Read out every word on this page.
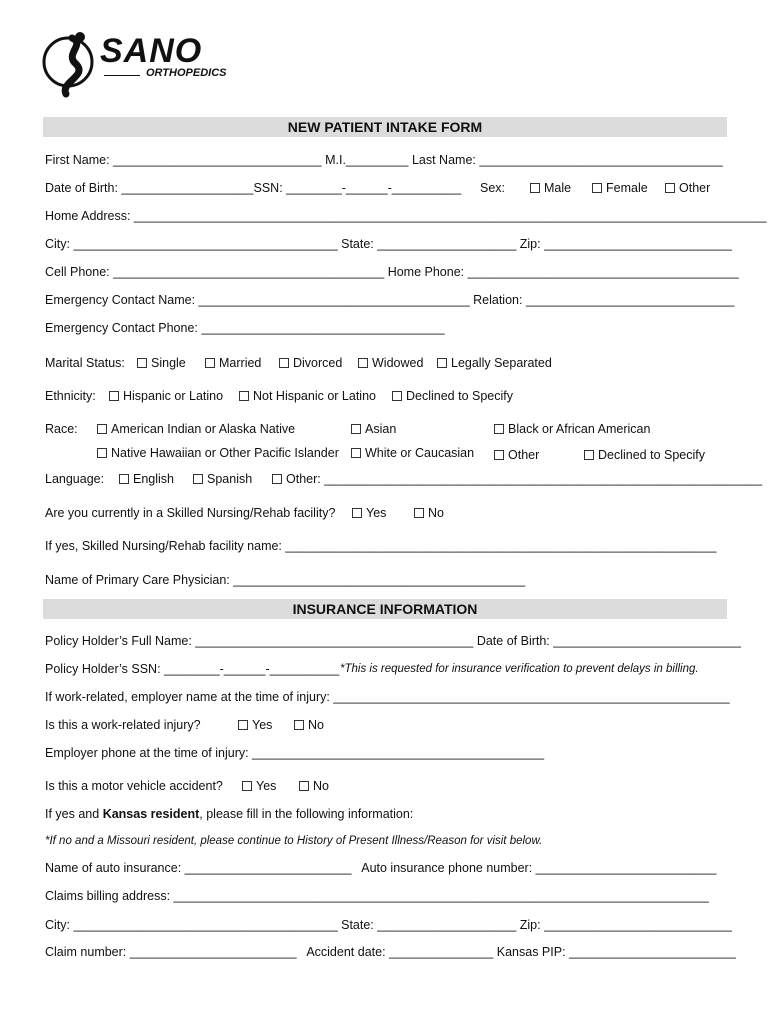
SANO
ORTHOPEDICS
NEW PATIENT INTAKE FORM
First Name: ______________________________ M.I._________ Last Name: ___________________________________
Date of Birth: ___________________SSN: ________-______-__________ Sex:	Male	Female	Other
Home Address: ___________________________________________________________________________________________
City: ______________________________________ State: ____________________ Zip: ___________________________
Cell Phone: _______________________________________ Home Phone: _______________________________________
Emergency Contact Name: _______________________________________ Relation: ______________________________
Emergency Contact Phone: ___________________________________
Marital Status:	Single	Married	Divorced	Widowed	Legally Separated
Ethnicity:	Hispanic or Latino	Not Hispanic or Latino	Declined to Specify
Race:	American Indian or Alaska Native	Asian	Black or African American
Native Hawaiian or Other Pacific Islander	White or Caucasian	Other	Declined to Specify
Language:	English	Spanish	Other: _______________________________________________________________
Are you currently in a Skilled Nursing/Rehab facility?	Yes	No
If yes, Skilled Nursing/Rehab facility name: ______________________________________________________________
Name of Primary Care Physician: __________________________________________
INSURANCE INFORMATION
Policy Holder’s Full Name: ________________________________________ Date of Birth: ___________________________
Policy Holder’s SSN: ________-______-__________ *This is requested for insurance verification to prevent delays in billing.
If work-related, employer name at the time of injury: _________________________________________________________
Is this a work-related injury?	Yes	No
Employer phone at the time of injury: __________________________________________
Is this a motor vehicle accident?	Yes	No
If yes and Kansas resident, please fill in the following information:
*If no and a Missouri resident, please continue to History of Present Illness/Reason for visit below.
Name of auto insurance: ________________________   Auto insurance phone number: __________________________
Claims billing address: _____________________________________________________________________________
City: ______________________________________ State: ____________________ Zip: ___________________________
Claim number: ________________________   Accident date: _______________ Kansas PIP: ________________________
